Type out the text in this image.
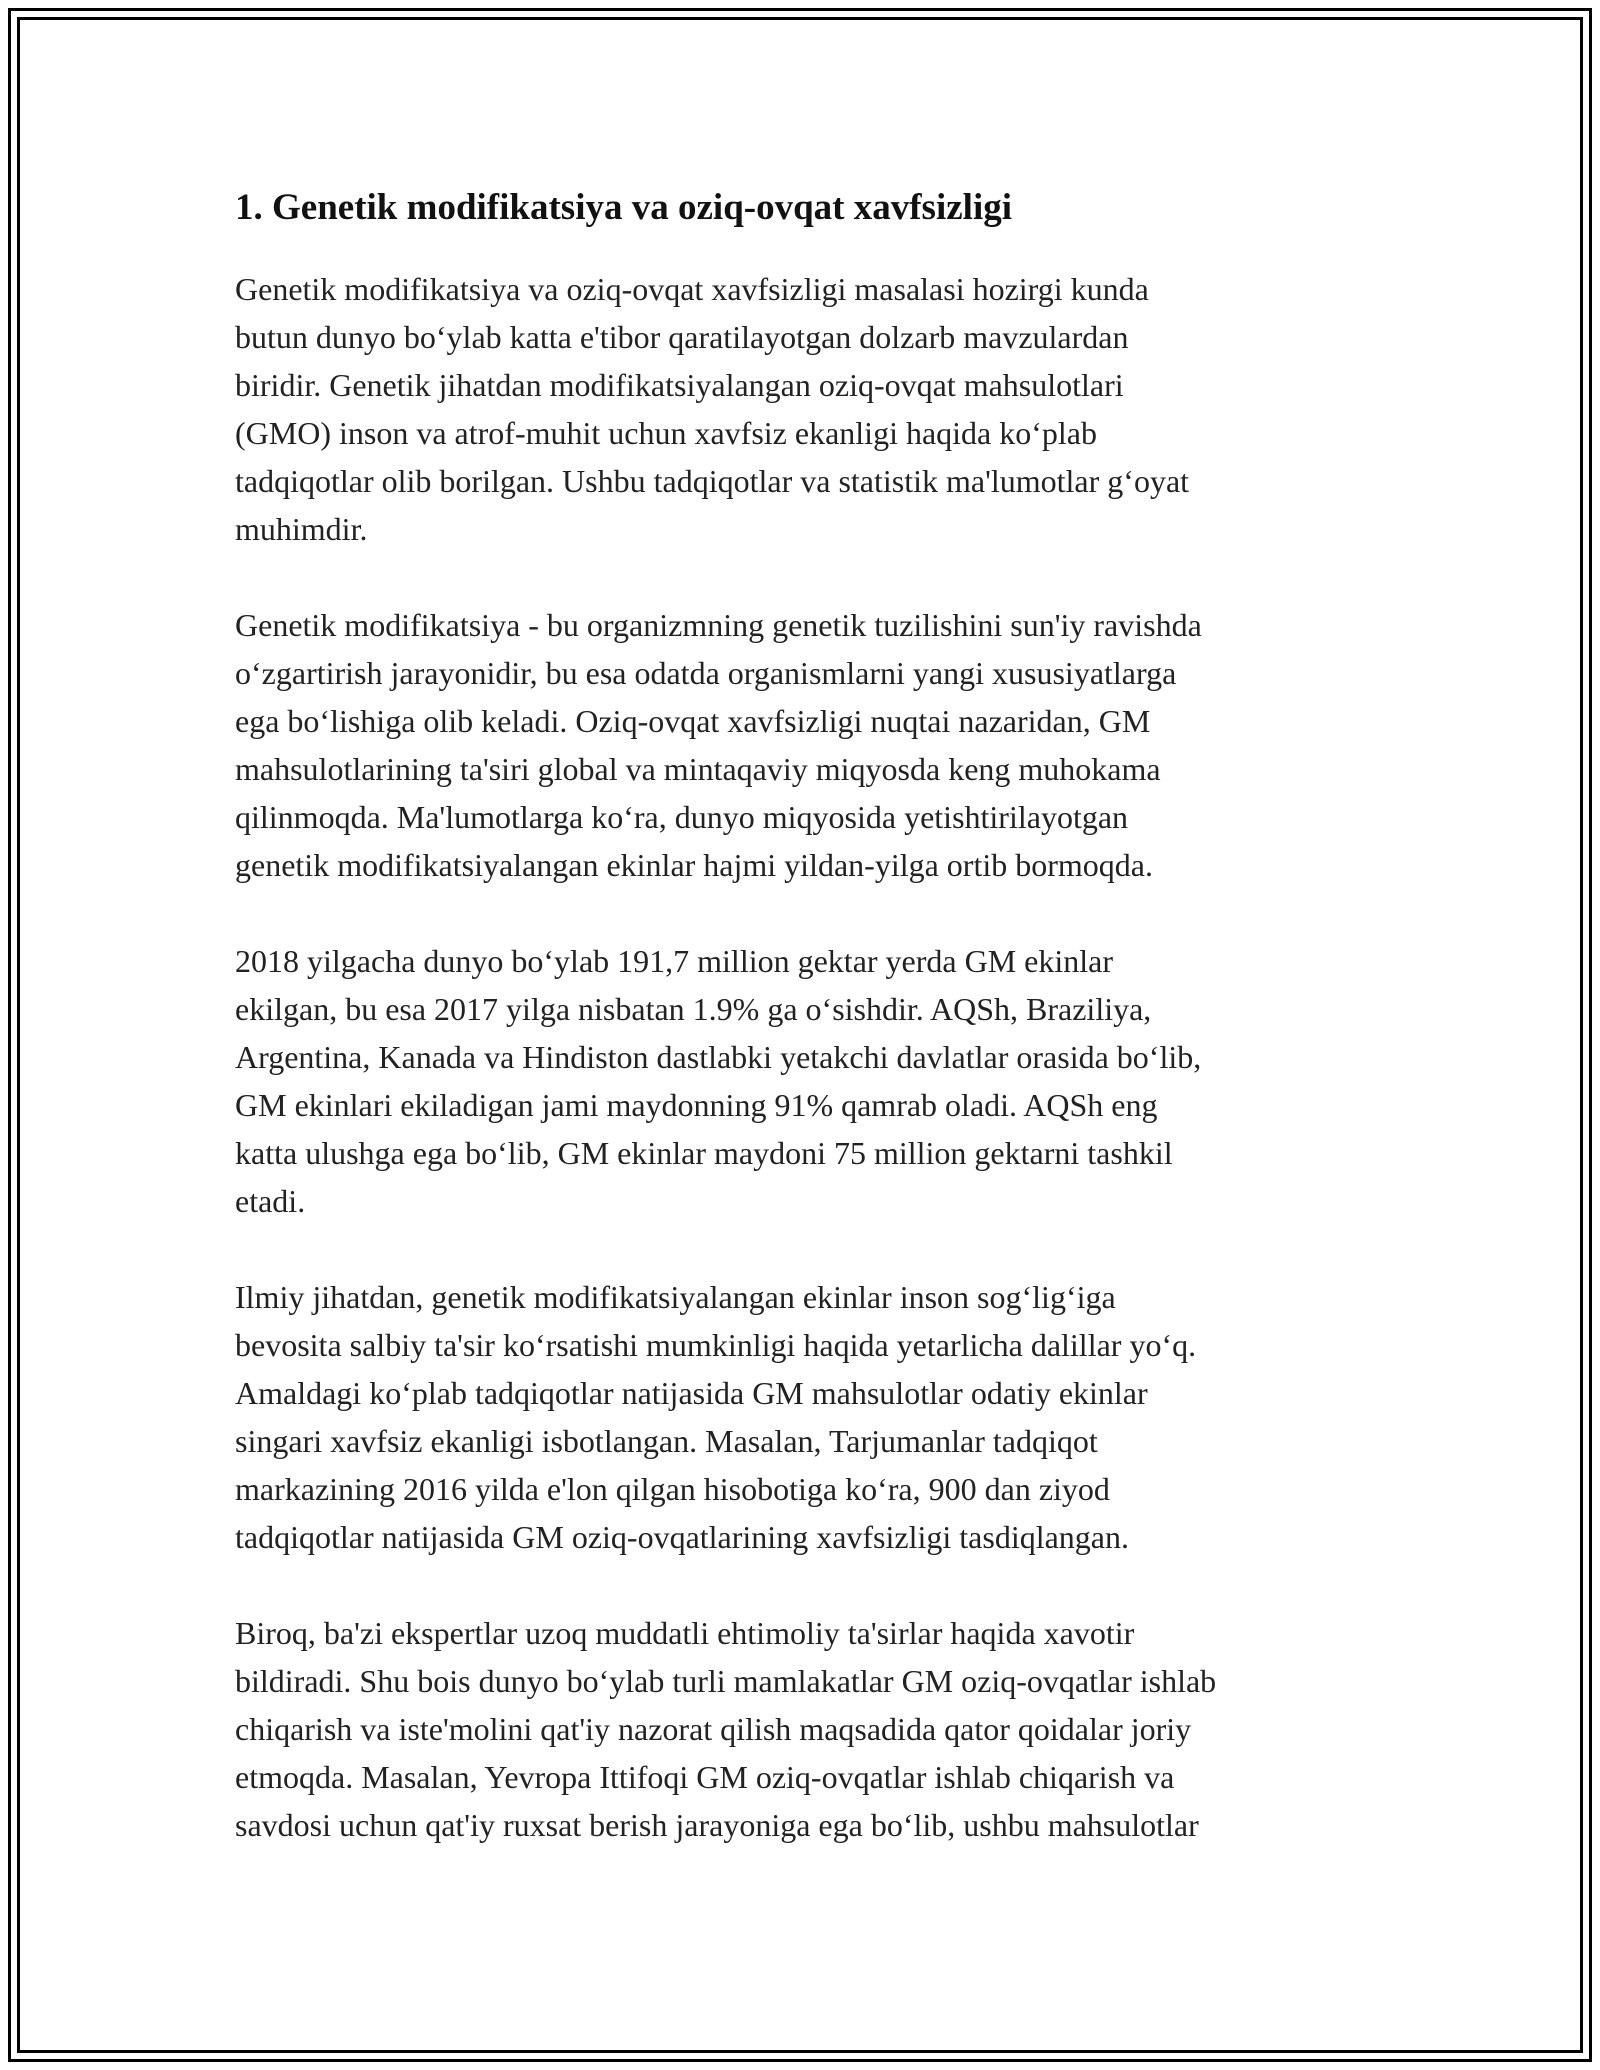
1. Genetik modifikatsiya va oziq-ovqat xavfsizligi

Genetik modifikatsiya va oziq-ovqat xavfsizligi masalasi hozirgi kunda
butun dunyo bo‘ylab katta e'tibor qaratilayotgan dolzarb mavzulardan
biridir. Genetik jihatdan modifikatsiyalangan oziq-ovqat mahsulotlari
(GMO) inson va atrof-muhit uchun xavfsiz ekanligi haqida ko‘plab
tadqiqotlar olib borilgan. Ushbu tadqiqotlar va statistik ma'lumotlar g‘oyat
muhimdir.

Genetik modifikatsiya - bu organizmning genetik tuzilishini sun'iy ravishda
o‘zgartirish jarayonidir, bu esa odatda organismlarni yangi xususiyatlarga
ega bo‘lishiga olib keladi. Oziq-ovqat xavfsizligi nuqtai nazaridan, GM
mahsulotlarining ta'siri global va mintaqaviy miqyosda keng muhokama
qilinmoqda. Ma'lumotlarga ko‘ra, dunyo miqyosida yetishtirilayotgan
genetik modifikatsiyalangan ekinlar hajmi yildan-yilga ortib bormoqda.

2018 yilgacha dunyo bo‘ylab 191,7 million gektar yerda GM ekinlar
ekilgan, bu esa 2017 yilga nisbatan 1.9% ga o‘sishdir. AQSh, Braziliya,
Argentina, Kanada va Hindiston dastlabki yetakchi davlatlar orasida bo‘lib,
GM ekinlari ekiladigan jami maydonning 91% qamrab oladi. AQSh eng
katta ulushga ega bo‘lib, GM ekinlar maydoni 75 million gektarni tashkil
etadi.

Ilmiy jihatdan, genetik modifikatsiyalangan ekinlar inson sog‘lig‘iga
bevosita salbiy ta'sir ko‘rsatishi mumkinligi haqida yetarlicha dalillar yo‘q.
Amaldagi ko‘plab tadqiqotlar natijasida GM mahsulotlar odatiy ekinlar
singari xavfsiz ekanligi isbotlangan. Masalan, Tarjumanlar tadqiqot
markazining 2016 yilda e'lon qilgan hisobotiga ko‘ra, 900 dan ziyod
tadqiqotlar natijasida GM oziq-ovqatlarining xavfsizligi tasdiqlangan.

Biroq, ba'zi ekspertlar uzoq muddatli ehtimoliy ta'sirlar haqida xavotir
bildiradi. Shu bois dunyo bo‘ylab turli mamlakatlar GM oziq-ovqatlar ishlab
chiqarish va iste'molini qat'iy nazorat qilish maqsadida qator qoidalar joriy
etmoqda. Masalan, Yevropa Ittifoqi GM oziq-ovqatlar ishlab chiqarish va
savdosi uchun qat'iy ruxsat berish jarayoniga ega bo‘lib, ushbu mahsulotlar
